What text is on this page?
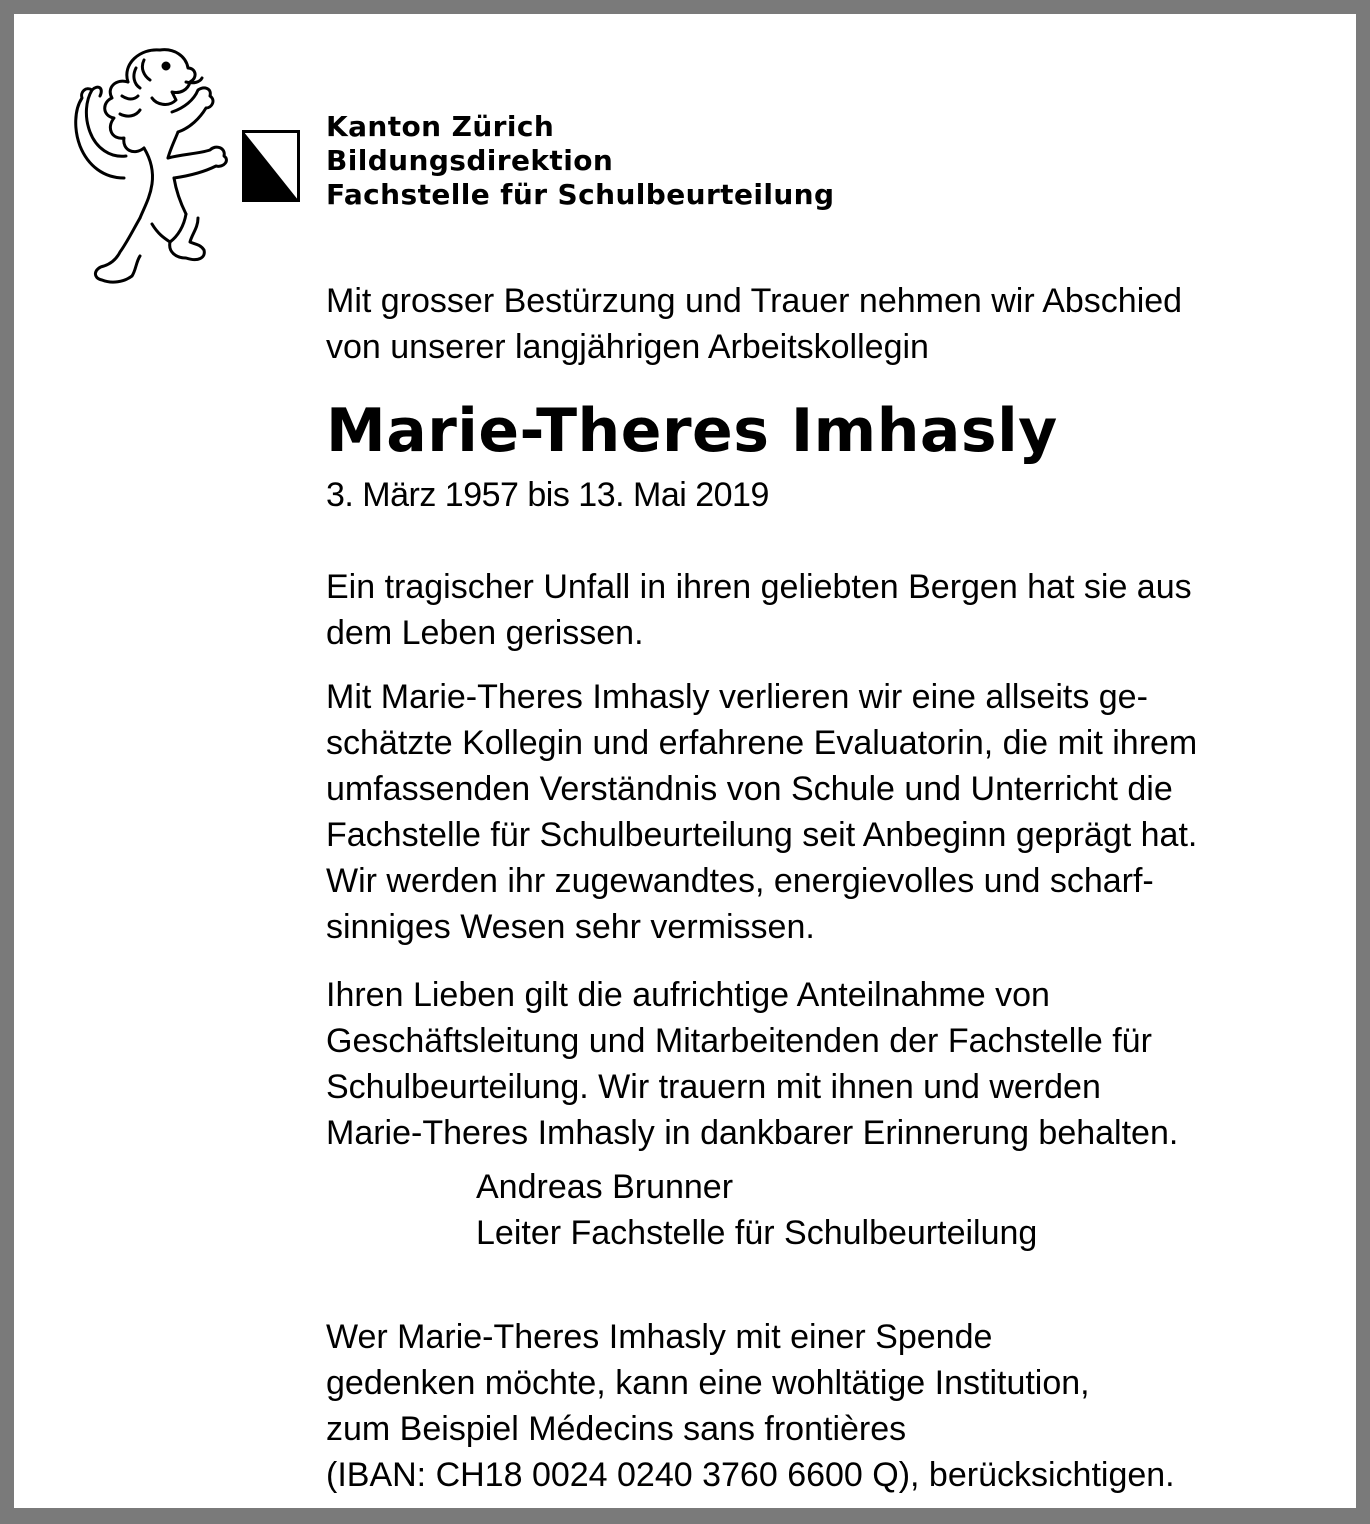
Kanton Zürich
Bildungsdirektion
Fachstelle für Schulbeurteilung

Mit grosser Bestürzung und Trauer nehmen wir Abschied
von unserer langjährigen Arbeitskollegin

Marie-Theres Imhasly
3. März 1957 bis 13. Mai 2019

Ein tragischer Unfall in ihren geliebten Bergen hat sie aus
dem Leben gerissen.

Mit Marie-Theres Imhasly verlieren wir eine allseits ge-
schätzte Kollegin und erfahrene Evaluatorin, die mit ihrem
umfassenden Verständnis von Schule und Unterricht die
Fachstelle für Schulbeurteilung seit Anbeginn geprägt hat.
Wir werden ihr zugewandtes, energievolles und scharf-
sinniges Wesen sehr vermissen.

Ihren Lieben gilt die aufrichtige Anteilnahme von
Geschäftsleitung und Mitarbeitenden der Fachstelle für
Schulbeurteilung. Wir trauern mit ihnen und werden
Marie-Theres Imhasly in dankbarer Erinnerung behalten.

Andreas Brunner
Leiter Fachstelle für Schulbeurteilung

Wer Marie-Theres Imhasly mit einer Spende
gedenken möchte, kann eine wohltätige Institution,
zum Beispiel Médecins sans frontières
(IBAN: CH18 0024 0240 3760 6600 Q), berücksichtigen.
